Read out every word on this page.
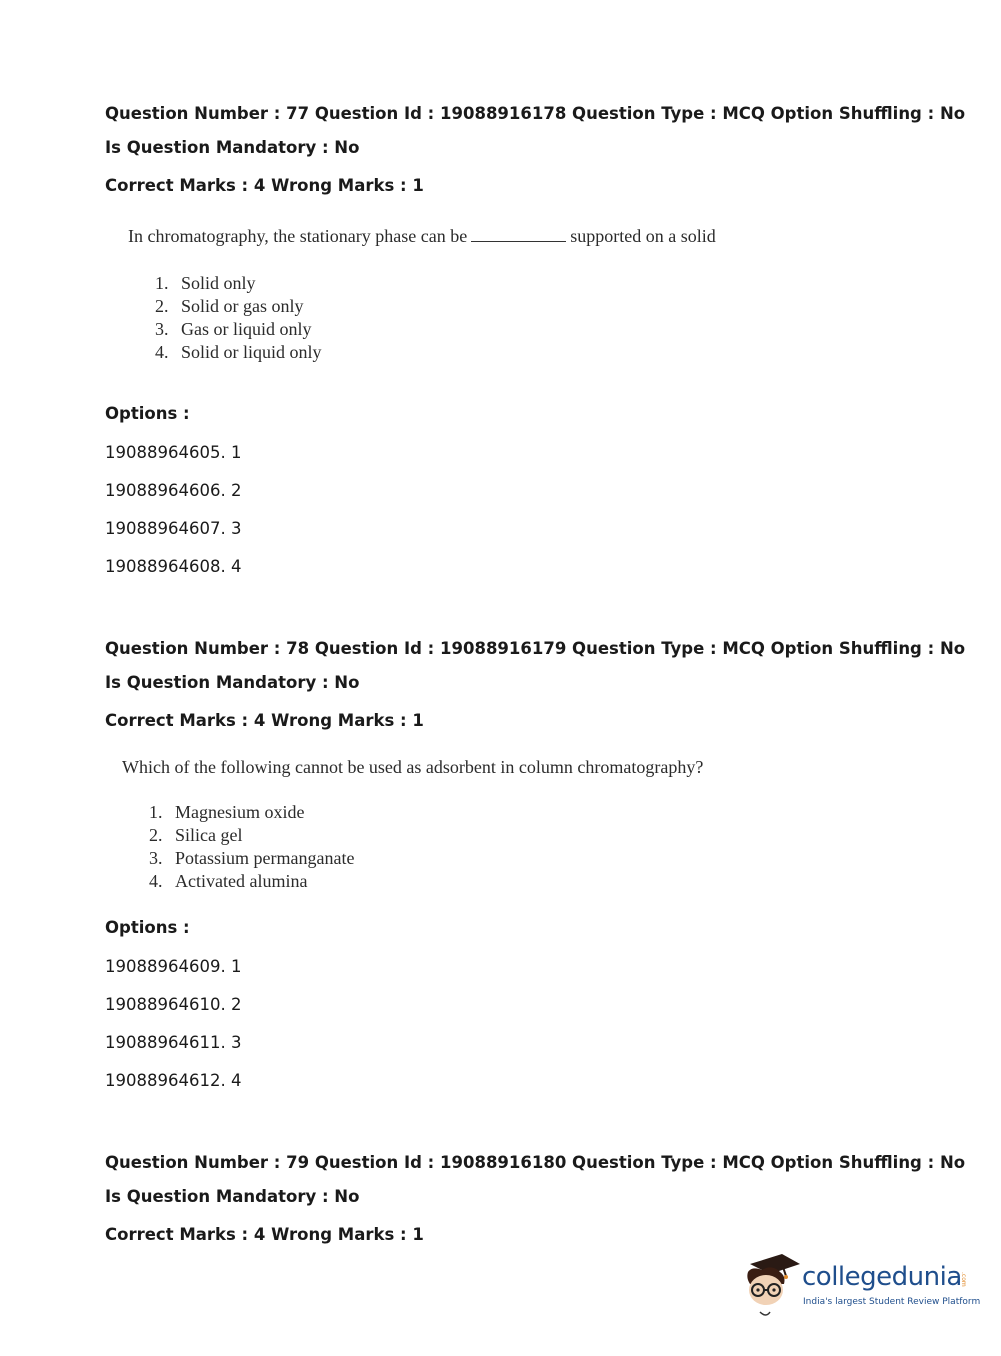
Question Number : 77 Question Id : 19088916178 Question Type : MCQ Option Shuffling : No
Is Question Mandatory : No
Correct Marks : 4 Wrong Marks : 1
In chromatography, the stationary phase can be	supported on a solid
1. Solid only
2. Solid or gas only
3. Gas or liquid only
4. Solid or liquid only
Options :
19088964605. 1
19088964606. 2
19088964607. 3
19088964608. 4
Question Number : 78 Question Id : 19088916179 Question Type : MCQ Option Shuffling : No
Is Question Mandatory : No
Correct Marks : 4 Wrong Marks : 1
Which of the following cannot be used as adsorbent in column chromatography?
1. Magnesium oxide
2. Silica gel
3. Potassium permanganate
4. Activated alumina
Options :
19088964609. 1
19088964610. 2
19088964611. 3
19088964612. 4
Question Number : 79 Question Id : 19088916180 Question Type : MCQ Option Shuffling : No
Is Question Mandatory : No
Correct Marks : 4 Wrong Marks : 1
collegedunia
.com
India's largest Student Review Platform
